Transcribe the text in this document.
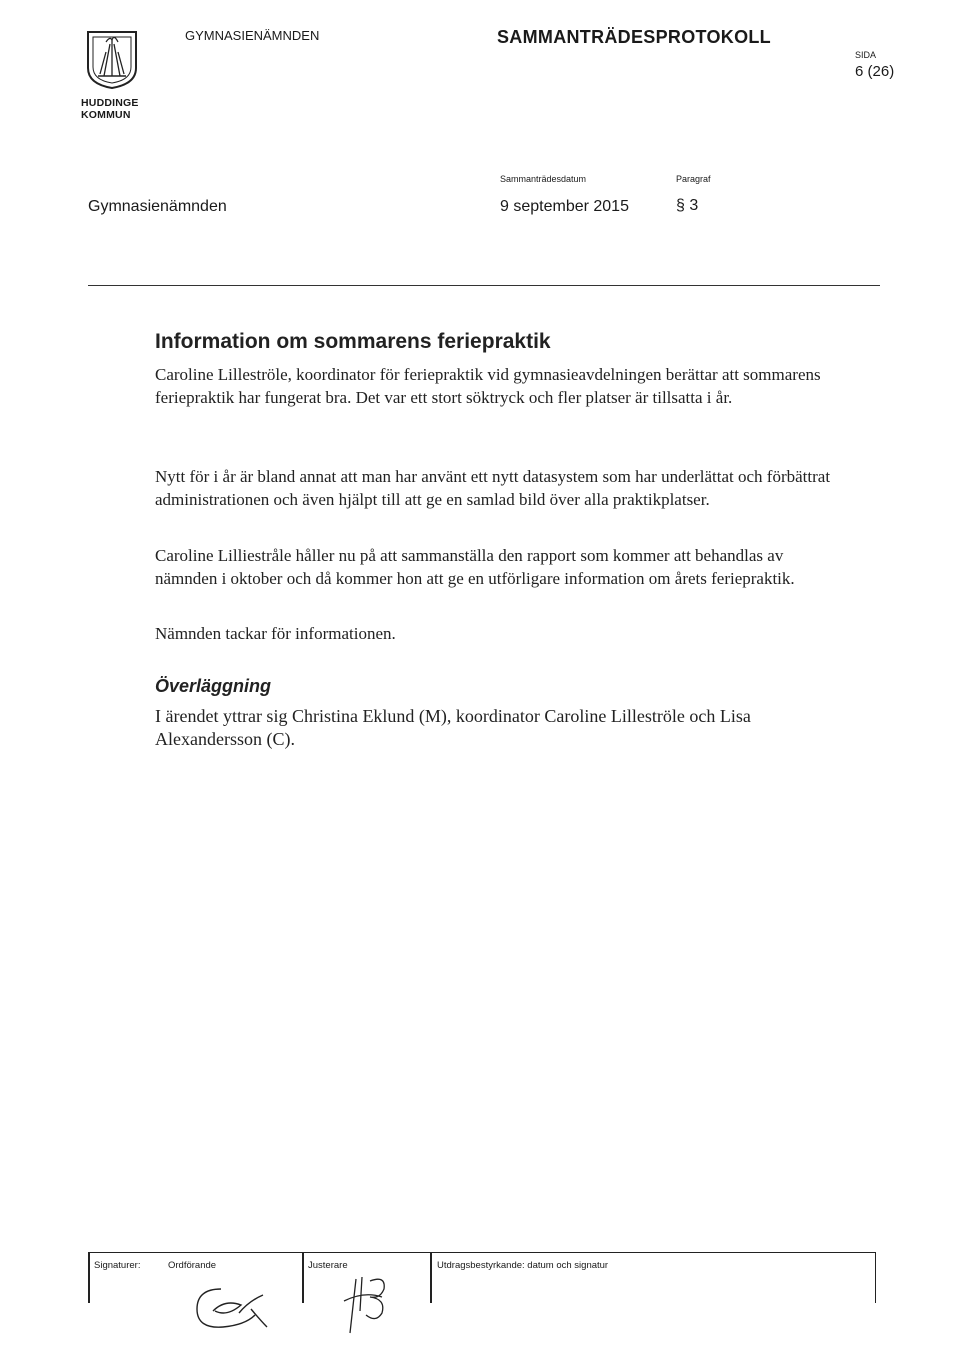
HUDDINGE
KOMMUN
GYMNASIENÄMNDEN	SAMMANTRÄDESPROTOKOLL
SIDA
6 (26)
Sammanträdesdatum	Paragraf
Gymnasienämnden	9 september 2015	§ 3
Information om sommarens feriepraktik

Caroline Lilleströle, koordinator för feriepraktik vid gymnasieavdelningen berättar att sommarens feriepraktik har fungerat bra. Det var ett stort söktryck och fler platser är tillsatta i år.

Nytt för i år är bland annat att man har använt ett nytt datasystem som har underlättat och förbättrat administrationen och även hjälpt till att ge en samlad bild över alla praktikplatser.

Caroline Lilliestråle håller nu på att sammanställa den rapport som kommer att behandlas av nämnden i oktober och då kommer hon att ge en utförligare information om årets feriepraktik.

Nämnden tackar för informationen.

Överläggning

I ärendet yttrar sig Christina Eklund (M), koordinator Caroline Lilleströle och Lisa Alexandersson (C).

Signaturer:	Ordförande	Justerare	Utdragsbestyrkande: datum och signatur
